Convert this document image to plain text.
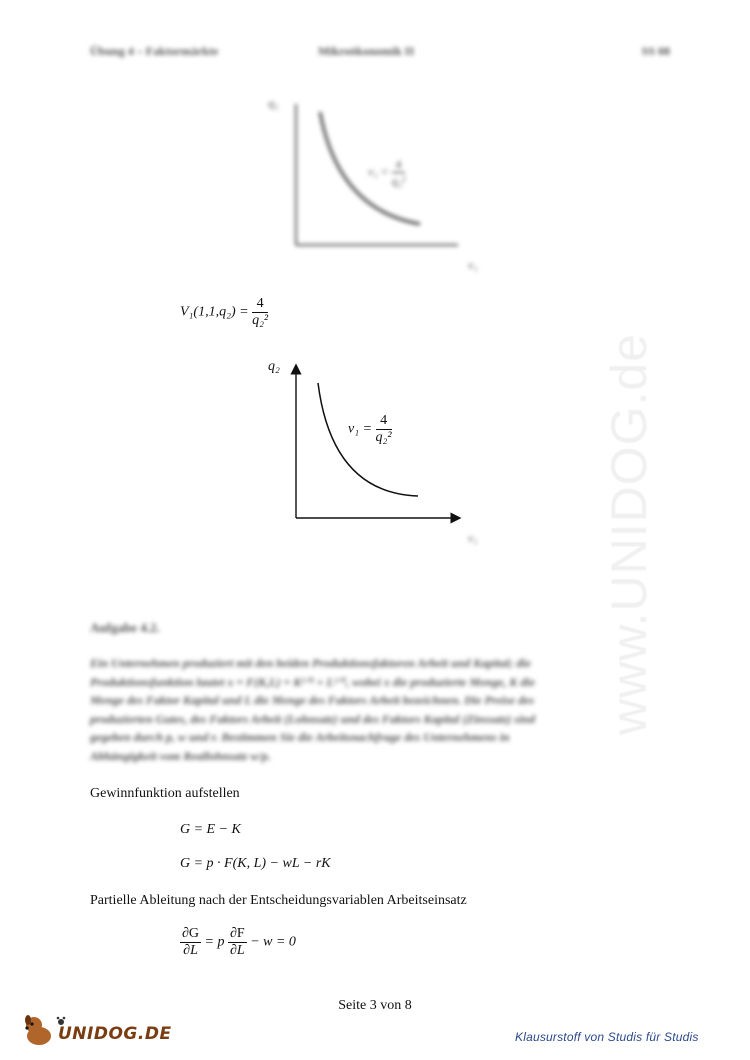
www.UNIDOG.de
Übung 4 – Faktormärkte	Mikroökonomik II	SS 08
q₂
v₁
$v_1 = \frac{4}{\text{q₂²}}$
$V_1(1,1,q_2) = \frac{4}{\text{q₂²}}$
q₂
v₁
$v_1 = \frac{4}{\text{q₂²}}$
Aufgabe 4.2.
Ein Unternehmen produziert mit den beiden Produktionsfaktoren Arbeit und Kapital; die
Produktionsfunktion lautet x = F(K,L) = K¹ᐟ² + L¹ᐟ², wobei x die produzierte Menge, K die
Menge des Faktor Kapital und L die Menge des Faktors Arbeit bezeichnen. Die Preise des
produzierten Gutes, des Faktors Arbeit (Lohnsatz) und des Faktors Kapital (Zinssatz) sind
gegeben durch p, w und r. Bestimmen Sie die Arbeitsnachfrage des Unternehmens in
Abhängigkeit vom Reallohnsatz w/p.
Gewinnfunktion aufstellen
G = E − K
G = p · F(K, L) − wL − rK
Partielle Ableitung nach der Entscheidungsvariablen Arbeitseinsatz
$\frac{\partial G}{\partial L} = p \frac{\partial F}{\partial L} - w = 0$
Seite 3 von 8
UNIDOG.DE	Klausurstoff von Studis für Studis
